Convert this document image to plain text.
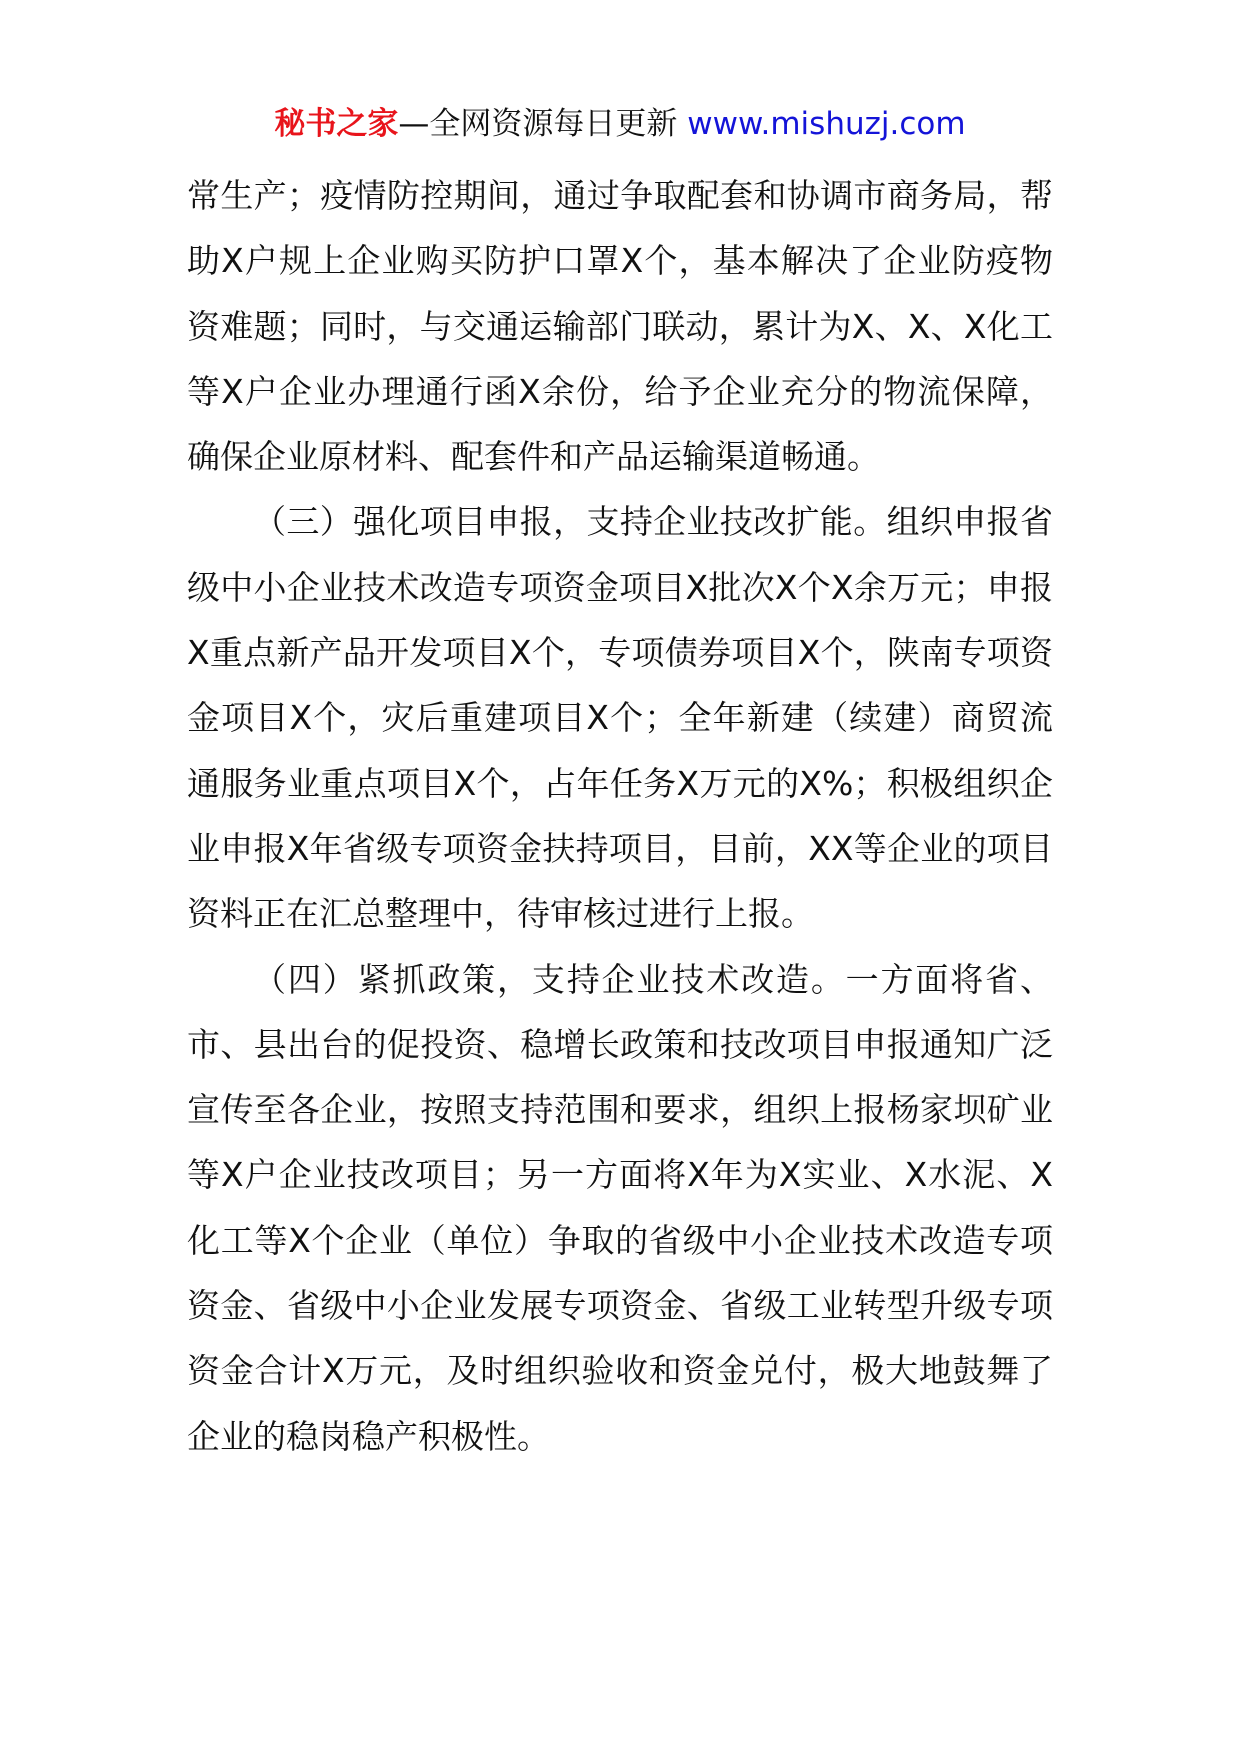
秘书之家—全网资源每日更新 www.mishuzj.com

常生产；疫情防控期间，通过争取配套和协调市商务局，帮助X户规上企业购买防护口罩X个，基本解决了企业防疫物资难题；同时，与交通运输部门联动，累计为X、X、X化工等X户企业办理通行函X余份，给予企业充分的物流保障，确保企业原材料、配套件和产品运输渠道畅通。

（三）强化项目申报，支持企业技改扩能。组织申报省级中小企业技术改造专项资金项目X批次X个X余万元；申报X重点新产品开发项目X个，专项债券项目X个，陕南专项资金项目X个，灾后重建项目X个；全年新建（续建）商贸流通服务业重点项目X个，占年任务X万元的X%；积极组织企业申报X年省级专项资金扶持项目，目前，XX等企业的项目资料正在汇总整理中，待审核过进行上报。

（四）紧抓政策，支持企业技术改造。一方面将省、市、县出台的促投资、稳增长政策和技改项目申报通知广泛宣传至各企业，按照支持范围和要求，组织上报杨家坝矿业等X户企业技改项目；另一方面将X年为X实业、X水泥、X化工等X个企业（单位）争取的省级中小企业技术改造专项资金、省级中小企业发展专项资金、省级工业转型升级专项资金合计X万元，及时组织验收和资金兑付，极大地鼓舞了企业的稳岗稳产积极性。
